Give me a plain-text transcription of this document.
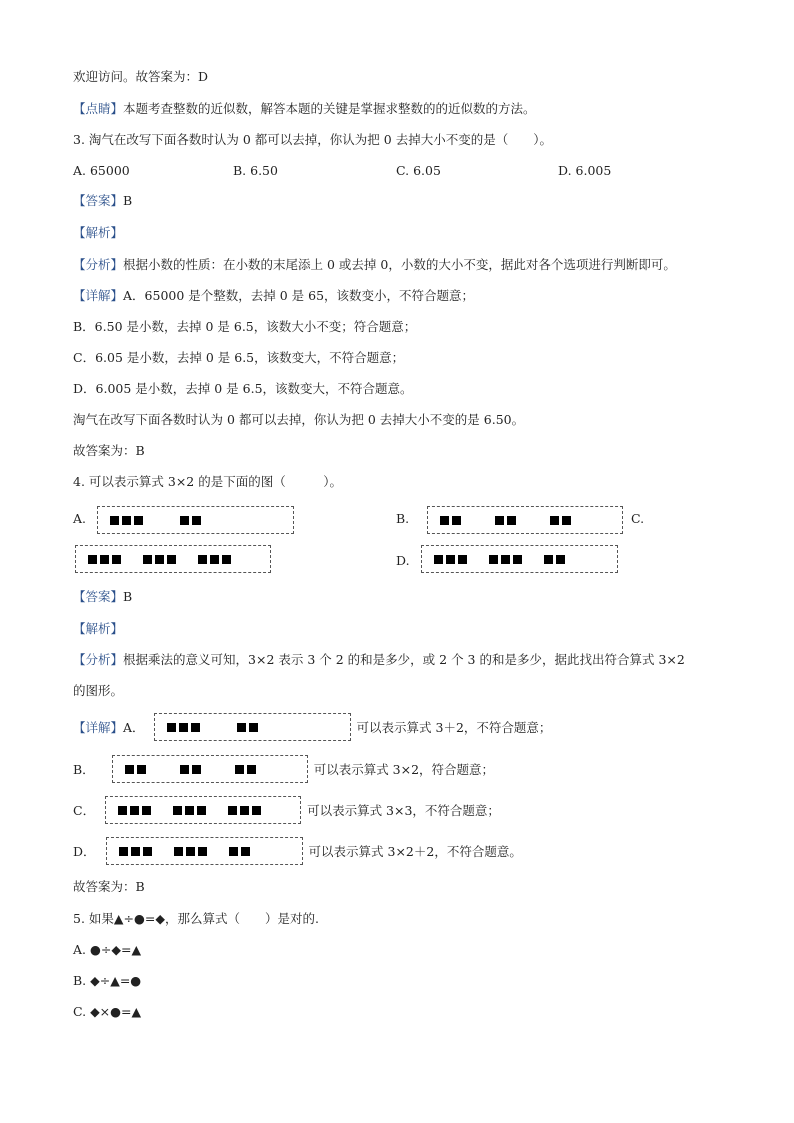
欢迎访问。故答案为：D
【点睛】本题考查整数的近似数，解答本题的关键是掌握求整数的的近似数的方法。
3. 淘气在改写下面各数时认为 0 都可以去掉，你认为把 0 去掉大小不变的是（　　）。
A. 65000	B. 6.50	C. 6.05	D. 6.005
【答案】B
【解析】
【分析】根据小数的性质：在小数的末尾添上 0 或去掉 0，小数的大小不变，据此对各个选项进行判断即可。
【详解】A．65000 是个整数，去掉 0 是 65，该数变小，不符合题意；
B．6.50 是小数，去掉 0 是 6.5，该数大小不变；符合题意；
C．6.05 是小数，去掉 0 是 6.5，该数变大，不符合题意；
D．6.005 是小数，去掉 0 是 6.5，该数变大，不符合题意。
淘气在改写下面各数时认为 0 都可以去掉，你认为把 0 去掉大小不变的是 6.50。
故答案为：B
4. 可以表示算式 3×2 的是下面的图（　　　）。
A.	B.	C.
D.
【答案】B
【解析】
【分析】根据乘法的意义可知，3×2 表示 3 个 2 的和是多少，或 2 个 3 的和是多少，据此找出符合算式 3×2
的图形。
【详解】 A．	可以表示算式 3＋2，不符合题意；
B．	可以表示算式 3×2，符合题意；
C．	可以表示算式 3×3，不符合题意；
D．	可以表示算式 3×2＋2，不符合题意。
故答案为：B
5. 如果▲÷●=◆，那么算式（　　）是对的.
A. ●÷◆=▲
B. ◆÷▲=●
C. ◆×●=▲
